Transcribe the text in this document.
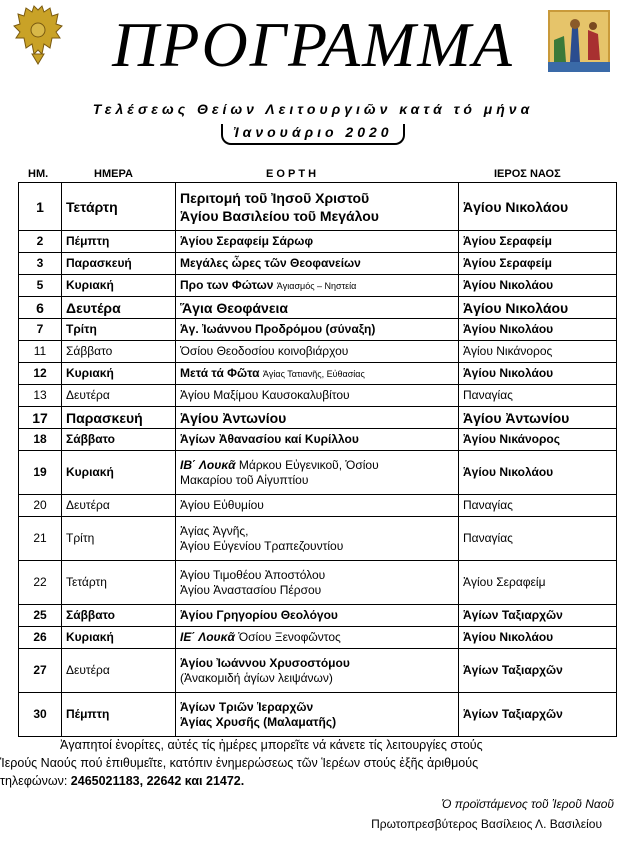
ΠΡΟΓΡΑΜΜΑ
Τελέσεως Θείων Λειτουργιῶν κατά τό μήνα
Ἰανουάριο 2020
ΗΜ.	ΗΜΕΡΑ	Ε Ο Ρ Τ Η	ΙΕΡΟΣ ΝΑΟΣ
1	Τετάρτη	Περιτομή τοῦ Ἰησοῦ Χριστοῦ
Ἁγίου Βασιλείου τοῦ Μεγάλου	Ἁγίου Νικολάου
2	Πέμπτη	Ἁγίου Σεραφείμ Σάρωφ	Ἁγίου Σεραφείμ
3	Παρασκευή	Μεγάλες ὦρες τῶν Θεοφανείων	Ἁγίου Σεραφείμ
5	Κυριακή	Προ των Φώτων Ἁγιασμός – Νηστεία	Ἁγίου Νικολάου
6	Δευτέρα	Ἅγια Θεοφάνεια	Ἁγίου Νικολάου
7	Τρίτη	Ἁγ. Ἰωάννου Προδρόμου (σύναξη)	Ἁγίου Νικολάου
11	Σάββατο	Ὁσίου Θεοδοσίου κοινοβιάρχου	Ἁγίου Νικάνορος
12	Κυριακή	Μετά τά Φῶτα Ἁγίας Τατιανῆς, Εὐθασίας	Ἁγίου Νικολάου
13	Δευτέρα	Ἁγίου Μαξίμου Καυσοκαλυβίτου	Παναγίας
17	Παρασκευή	Ἁγίου Ἀντωνίου	Ἁγίου Ἀντωνίου
18	Σάββατο	Ἁγίων Ἀθανασίου καί Κυρίλλου	Ἁγίου Νικάνορος
19	Κυριακή	ΙΒ΄ Λουκᾶ Μάρκου Εὐγενικοῦ, Ὁσίου
Μακαρίου τοῦ Αἰγυπτίου	Ἁγίου Νικολάου
20	Δευτέρα	Ἁγίου Εὐθυμίου	Παναγίας
21	Τρίτη	Ἁγίας Ἀγνῆς,
Ἁγίου Εὐγενίου Τραπεζουντίου	Παναγίας
22	Τετάρτη	Ἁγίου Τιμοθέου Ἀποστόλου
Ἁγίου Ἀναστασίου Πέρσου	Ἁγίου Σεραφείμ
25	Σάββατο	Ἁγίου Γρηγορίου Θεολόγου	Ἁγίων Ταξιαρχῶν
26	Κυριακή	ΙΕ΄ Λουκᾶ Ὁσίου Ξενοφῶντος	Ἁγίου Νικολάου
27	Δευτέρα	Ἁγίου Ἰωάννου Χρυσοστόμου
(Ἀνακομιδή ἁγίων λειψάνων)	Ἁγίων Ταξιαρχῶν
30	Πέμπτη	Ἁγίων Τριῶν Ἱεραρχῶν
Ἁγίας Χρυσῆς (Μαλαματῆς)	Ἁγίων Ταξιαρχῶν
Ἀγαπητοί ἐνορίτες, αὐτές τίς ἡμέρες μπορεῖτε νά κάνετε τίς λειτουργίες στούς
Ἱερούς Ναούς πού ἐπιθυμεῖτε, κατόπιν ἐνημερώσεως τῶν Ἱερέων στούς ἑξῆς ἀριθμούς
τηλεφώνων: 2465021183, 22642 και 21472.
Ὁ προϊστάμενος τοῦ Ἱεροῦ Ναοῦ
Πρωτοπρεσβύτερος Βασίλειος Λ. Βασιλείου
